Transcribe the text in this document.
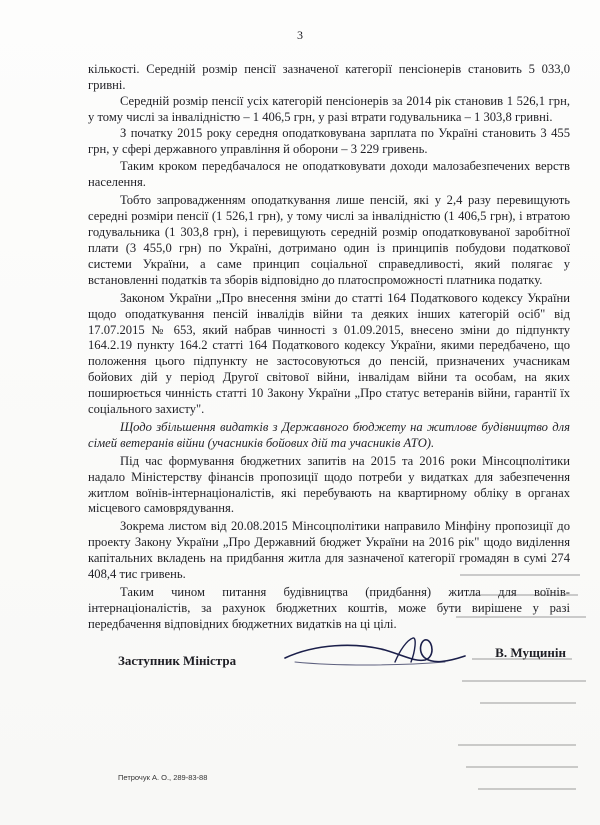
3

кількості. Середній розмір пенсії зазначеної категорії пенсіонерів становить 5 033,0 гривні.

Середній розмір пенсії усіх категорій пенсіонерів за 2014 рік становив 1 526,1 грн, у тому числі за інвалідністю – 1 406,5 грн, у разі втрати годувальника – 1 303,8 гривні.

З початку 2015 року середня оподатковувана зарплата по Україні становить 3 455 грн, у сфері державного управління й оборони – 3 229 гривень.

Таким кроком передбачалося не оподатковувати доходи малозабезпечених верств населення.

Тобто запровадженням оподаткування лише пенсій, які у 2,4 разу перевищують середні розміри пенсії (1 526,1 грн), у тому числі за інвалідністю (1 406,5 грн), і втратою годувальника (1 303,8 грн), і перевищують середній розмір оподатковуваної заробітної плати (3 455,0 грн) по Україні, дотримано один із принципів побудови податкової системи України, а саме принцип соціальної справедливості, який полягає у встановленні податків та зборів відповідно до платоспроможності платника податку.

Законом України „Про внесення зміни до статті 164 Податкового кодексу України щодо оподаткування пенсій інвалідів війни та деяких інших категорій осіб" від 17.07.2015 № 653, який набрав чинності з 01.09.2015, внесено зміни до підпункту 164.2.19 пункту 164.2 статті 164 Податкового кодексу України, якими передбачено, що положення цього підпункту не застосовуються до пенсій, призначених учасникам бойових дій у період Другої світової війни, інвалідам війни та особам, на яких поширюється чинність статті 10 Закону України „Про статус ветеранів війни, гарантії їх соціального захисту".

Щодо збільшення видатків з Державного бюджету на житлове будівництво для сімей ветеранів війни (учасників бойових дій та учасників АТО).

Під час формування бюджетних запитів на 2015 та 2016 роки Мінсоцполітики надало Міністерству фінансів пропозиції щодо потреби у видатках для забезпечення житлом воїнів-інтернаціоналістів, які перебувають на квартирному обліку в органах місцевого самоврядування.

Зокрема листом від 20.08.2015 Мінсоцполітики направило Мінфіну пропозиції до проекту Закону України „Про Державний бюджет України на 2016 рік" щодо виділення капітальних вкладень на придбання житла для зазначеної категорії громадян в сумі 274 408,4 тис гривень.

Таким чином питання будівництва (придбання) житла для воїнів-інтернаціоналістів, за рахунок бюджетних коштів, може бути вирішене у разі передбачення відповідних бюджетних видатків на ці цілі.

Заступник Міністра
В. Мущинін
Петрочук А. О., 289-83-88
